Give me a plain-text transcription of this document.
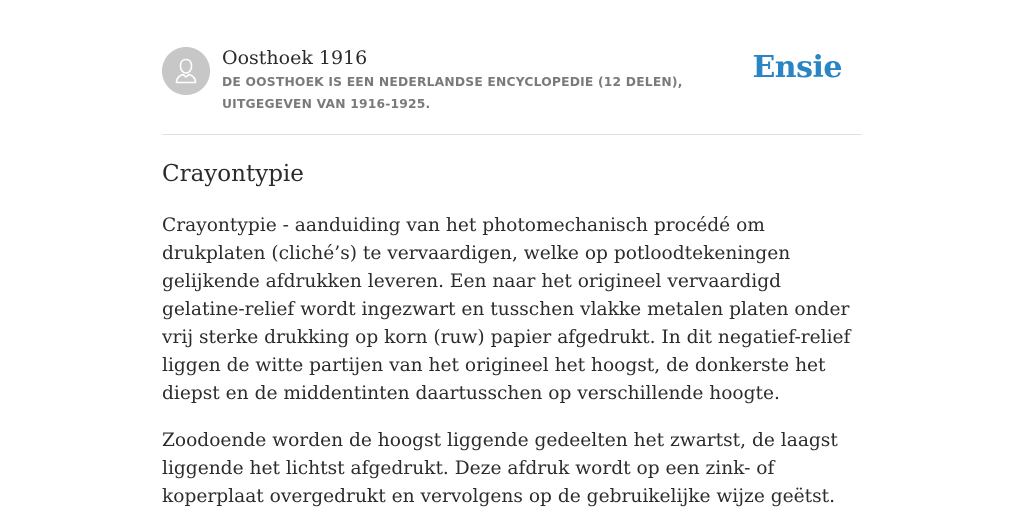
Oosthoek 1916
DE OOSTHOEK IS EEN NEDERLANDSE ENCYCLOPEDIE (12 DELEN), UITGEGEVEN VAN 1916-1925.
Ensie
Crayontypie

Crayontypie - aanduiding van het photomechanisch procédé om drukplaten (cliché’s) te vervaardigen, welke op potloodtekeningen gelijkende afdrukken leveren. Een naar het origineel vervaardigd gelatine-relief wordt ingezwart en tusschen vlakke metalen platen onder vrij sterke drukking op korn (ruw) papier afgedrukt. In dit negatief-relief liggen de witte partijen van het origineel het hoogst, de donkerste het diepst en de middentinten daartusschen op verschillende hoogte.

Zoodoende worden de hoogst liggende gedeelten het zwartst, de laagst liggende het lichtst afgedrukt. Deze afdruk wordt op een zink- of koperplaat overgedrukt en vervolgens op de gebruikelijke wijze geëtst.
